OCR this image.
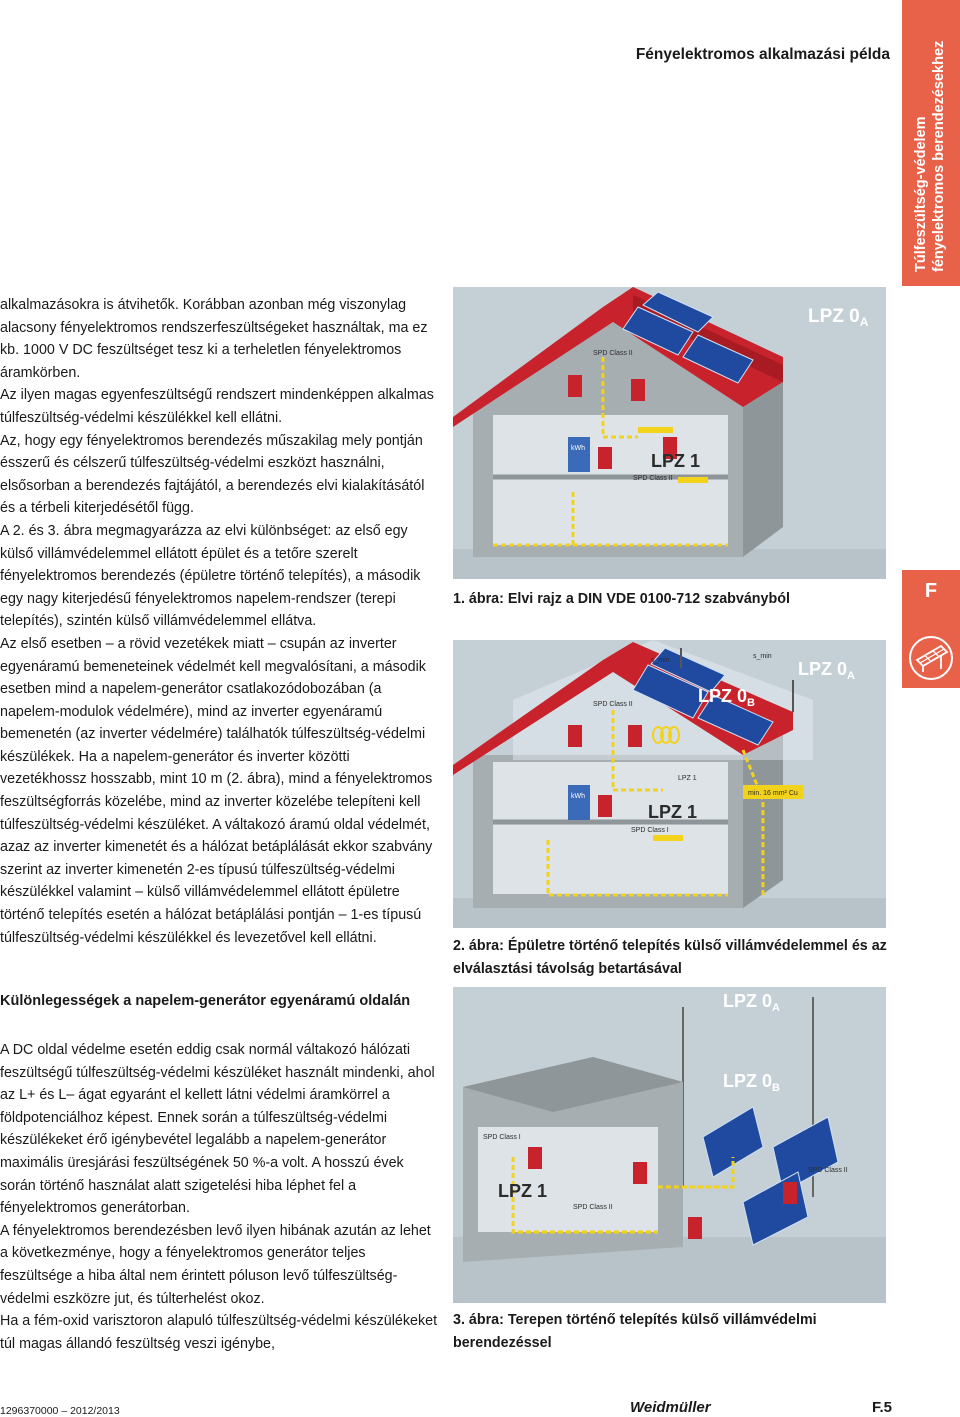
Fényelektromos alkalmazási példa
Túlfeszültség-védelem fényelektromos berendezésekhez
F

alkalmazásokra is átvihetők. Korábban azonban még viszonylag alacsony fényelektromos rendszerfeszültségeket használtak, ma ez kb. 1000 V DC feszültséget tesz ki a terheletlen fényelektromos áramkörben.

Az ilyen magas egyenfeszültségű rendszert mindenképpen alkalmas túlfeszültség-védelmi készülékkel kell ellátni.

Az, hogy egy fényelektromos berendezés műszakilag mely pontján ésszerű és célszerű túlfeszültség-védelmi eszközt használni, elsősorban a berendezés fajtájától, a berendezés elvi kialakításától és a térbeli kiterjedésétől függ.

A 2. és 3. ábra megmagyarázza az elvi különbséget: az első egy külső villámvédelemmel ellátott épület és a tetőre szerelt fényelektromos berendezés (épületre történő telepítés), a második egy nagy kiterjedésű fényelektromos napelem-rendszer (terepi telepítés), szintén külső villámvédelemmel ellátva.

Az első esetben – a rövid vezetékek miatt – csupán az inverter egyenáramú bemeneteinek védelmét kell megvalósítani, a második esetben mind a napelem-generátor csatlakozódobozában (a napelem-modulok védelmére), mind az inverter egyenáramú bemenetén (az inverter védelmére) találhatók túlfeszültség-védelmi készülékek. Ha a napelem-generátor és inverter közötti vezetékhossz hosszabb, mint 10 m (2. ábra), mind a fényelektromos feszültségforrás közelébe, mind az inverter közelébe telepíteni kell túlfeszültség-védelmi készüléket. A váltakozó áramú oldal védelmét, azaz az inverter kimenetét és a hálózat betáplálását ekkor szabvány szerint az inverter kimenetén 2-es típusú túlfeszültség-védelmi készülékkel valamint – külső villámvédelemmel ellátott épületre történő telepítés esetén a hálózat betáplálási pontján – 1-es típusú túlfeszültség-védelmi készülékkel és levezetővel kell ellátni.

Különlegességek a napelem-generátor egyenáramú oldalán

A DC oldal védelme esetén eddig csak normál váltakozó hálózati feszültségű túlfeszültség-védelmi készüléket használt mindenki, ahol az L+ és L– ágat egyaránt el kellett látni védelmi áramkörrel a földpotenciálhoz képest. Ennek során a túlfeszültség-védelmi készülékeket érő igénybevétel legalább a napelem-generátor maximális üresjárási feszültségének 50 %-a volt. A hosszú évek során történő használat alatt szigetelési hiba léphet fel a fényelektromos generátorban.

A fényelektromos berendezésben levő ilyen hibának azután az lehet a következménye, hogy a fényelektromos generátor teljes feszültsége a hiba által nem érintett póluson levő túlfeszültség-védelmi eszközre jut, és túlterhelést okoz.

Ha a fém-oxid varisztoron alapuló túlfeszültség-védelmi készülékeket túl magas állandó feszültség veszi igénybe,

LPZ $0_A$
LPZ 1
SPD Class II
SPD Class II
kWh
1. ábra: Elvi rajz a DIN VDE 0100-712 szabványból
LPZ $0_A$
LPZ $0_B$
LPZ 1
SPD Class II
SPD Class I
LPZ 1
s_min
s_min
min. 16 mm² Cu
kWh
2. ábra: Épületre történő telepítés külső villámvédelemmel és az elválasztási távolság betartásával
LPZ $0_A$
LPZ $0_B$
LPZ 1
SPD Class I
SPD Class II
SPD Class II
3. ábra: Terepen történő telepítés külső villámvédelmi berendezéssel
1296370000 – 2012/2013	Weidmüller	F.5
